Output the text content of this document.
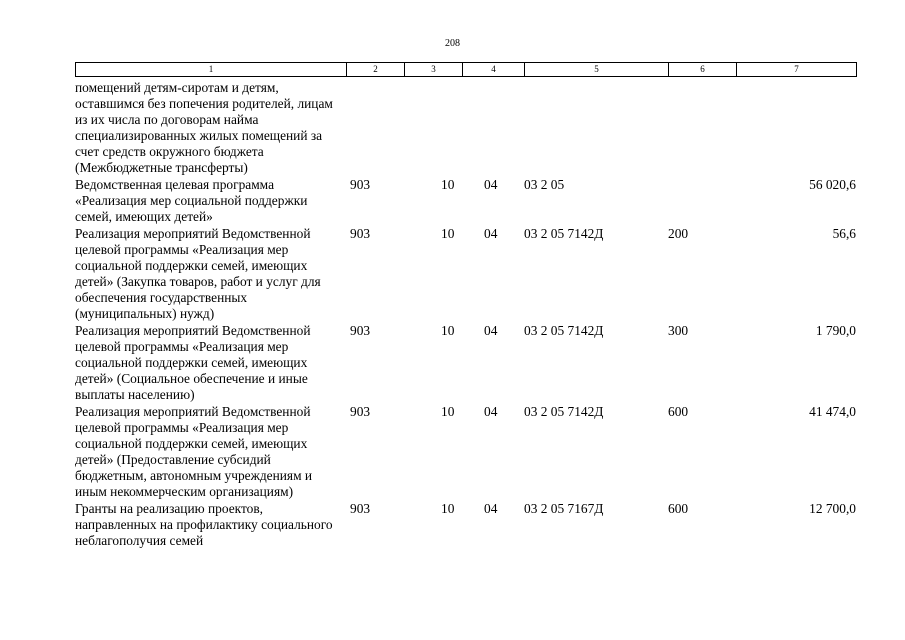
208
1	2	3	4	5	6	7
помещений детям-сиротам и детям, оставшимся без попечения родителей, лицам из их числа по договорам найма специализированных жилых помещений за счет средств окружного бюджета (Межбюджетные трансферты)						
Ведомственная целевая программа «Реализация мер социальной поддержки семей, имеющих детей»	903	10	04	03 2 05		56 020,6
Реализация мероприятий Ведомственной целевой программы «Реализация мер социальной поддержки семей, имеющих детей» (Закупка товаров, работ и услуг для обеспечения государственных (муниципальных) нужд)	903	10	04	03 2 05 7142Д	200	56,6
Реализация мероприятий Ведомственной целевой программы «Реализация мер социальной поддержки семей, имеющих детей» (Социальное обеспечение и иные выплаты населению)	903	10	04	03 2 05 7142Д	300	1 790,0
Реализация мероприятий Ведомственной целевой программы «Реализация мер социальной поддержки семей, имеющих детей» (Предоставление субсидий бюджетным, автономным учреждениям и иным некоммерческим организациям)	903	10	04	03 2 05 7142Д	600	41 474,0
Гранты на реализацию проектов, направленных на профилактику социального неблагополучия семей	903	10	04	03 2 05 7167Д	600	12 700,0
